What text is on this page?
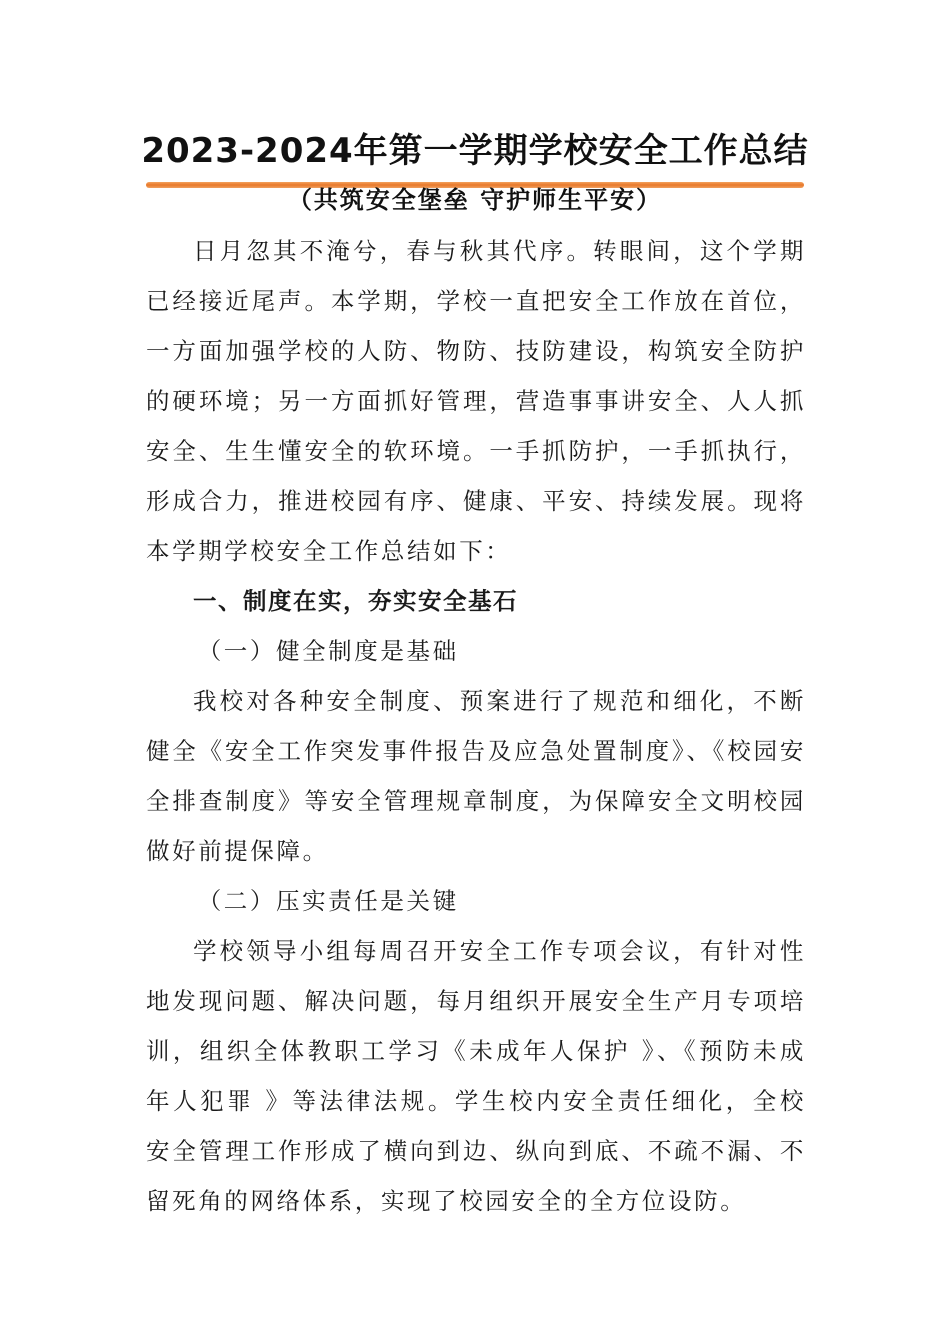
2023-2024年第一学期学校安全工作总结
（共筑安全堡垒 守护师生平安）

日月忽其不淹兮，春与秋其代序。转眼间，这个学期已经接近尾声。本学期，学校一直把安全工作放在首位，一方面加强学校的人防、物防、技防建设，构筑安全防护的硬环境；另一方面抓好管理，营造事事讲安全、人人抓安全、生生懂安全的软环境。一手抓防护，一手抓执行，形成合力，推进校园有序、健康、平安、持续发展。现将本学期学校安全工作总结如下：

一、制度在实，夯实安全基石

（一）健全制度是基础

我校对各种安全制度、预案进行了规范和细化，不断健全《安全工作突发事件报告及应急处置制度》、《校园安全排查制度》等安全管理规章制度，为保障安全文明校园做好前提保障。

（二）压实责任是关键

学校领导小组每周召开安全工作专项会议，有针对性地发现问题、解决问题，每月组织开展安全生产月专项培训，组织全体教职工学习《未成年人保护 》、《预防未成年人犯罪 》等法律法规。学生校内安全责任细化，全校安全管理工作形成了横向到边、纵向到底、不疏不漏、不留死角的网络体系，实现了校园安全的全方位设防。
